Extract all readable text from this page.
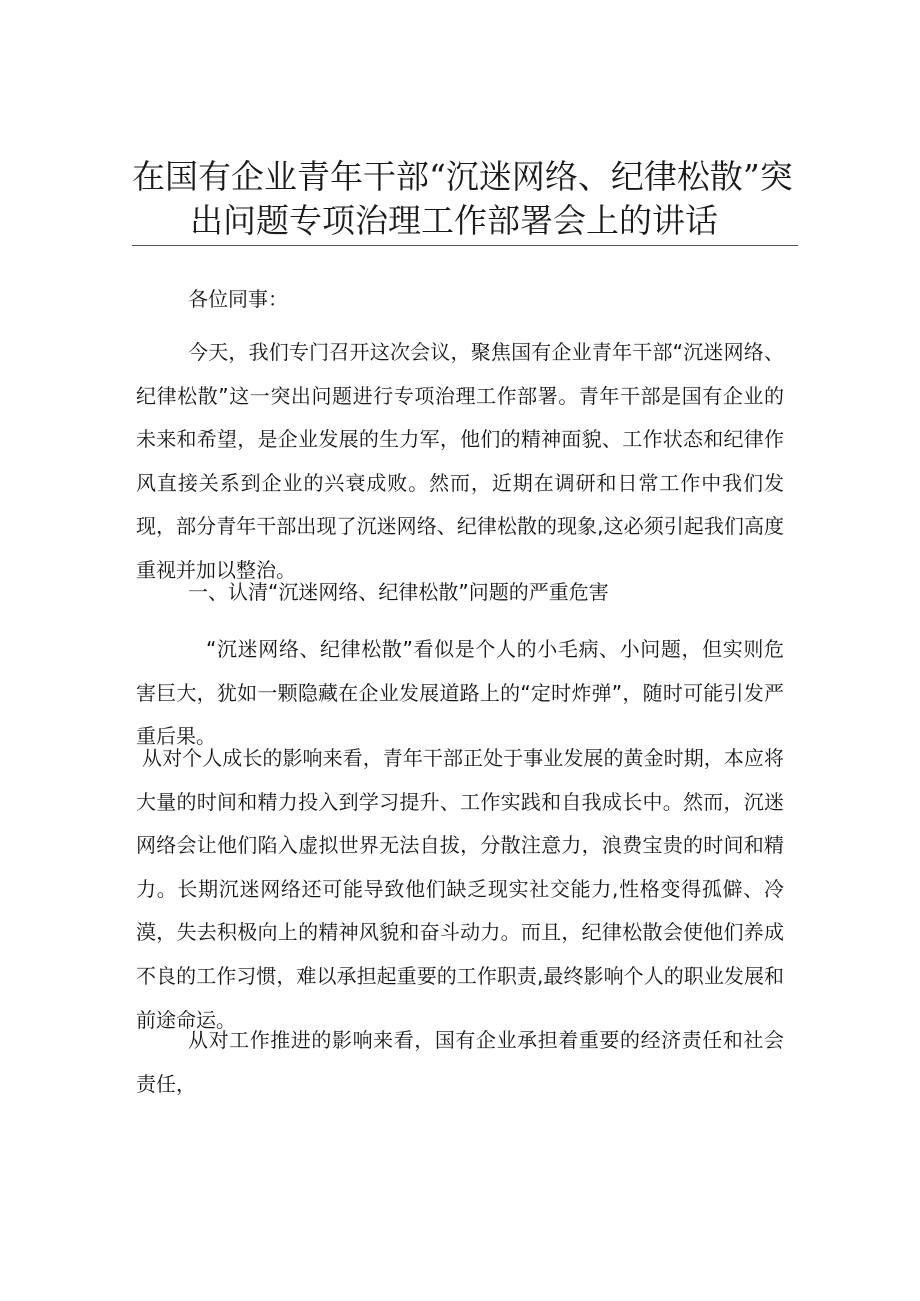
在国有企业青年干部“沉迷网络、纪律松散”突
出问题专项治理工作部署会上的讲话

各位同事：

今天，我们专门召开这次会议，聚焦国有企业青年干部“沉迷网络、纪律松散”这一突出问题进行专项治理工作部署。青年干部是国有企业的未来和希望，是企业发展的生力军，他们的精神面貌、工作状态和纪律作风直接关系到企业的兴衰成败。然而，近期在调研和日常工作中我们发现，部分青年干部出现了沉迷网络、纪律松散的现象,这必须引起我们高度重视并加以整治。

一、认清“沉迷网络、纪律松散”问题的严重危害

“沉迷网络、纪律松散”看似是个人的小毛病、小问题，但实则危害巨大，犹如一颗隐藏在企业发展道路上的“定时炸弹”，随时可能引发严重后果。

从对个人成长的影响来看，青年干部正处于事业发展的黄金时期，本应将大量的时间和精力投入到学习提升、工作实践和自我成长中。然而，沉迷网络会让他们陷入虚拟世界无法自拔，分散注意力，浪费宝贵的时间和精力。长期沉迷网络还可能导致他们缺乏现实社交能力,性格变得孤僻、冷漠，失去积极向上的精神风貌和奋斗动力。而且，纪律松散会使他们养成不良的工作习惯，难以承担起重要的工作职责,最终影响个人的职业发展和前途命运。

从对工作推进的影响来看，国有企业承担着重要的经济责任和社会责任，
